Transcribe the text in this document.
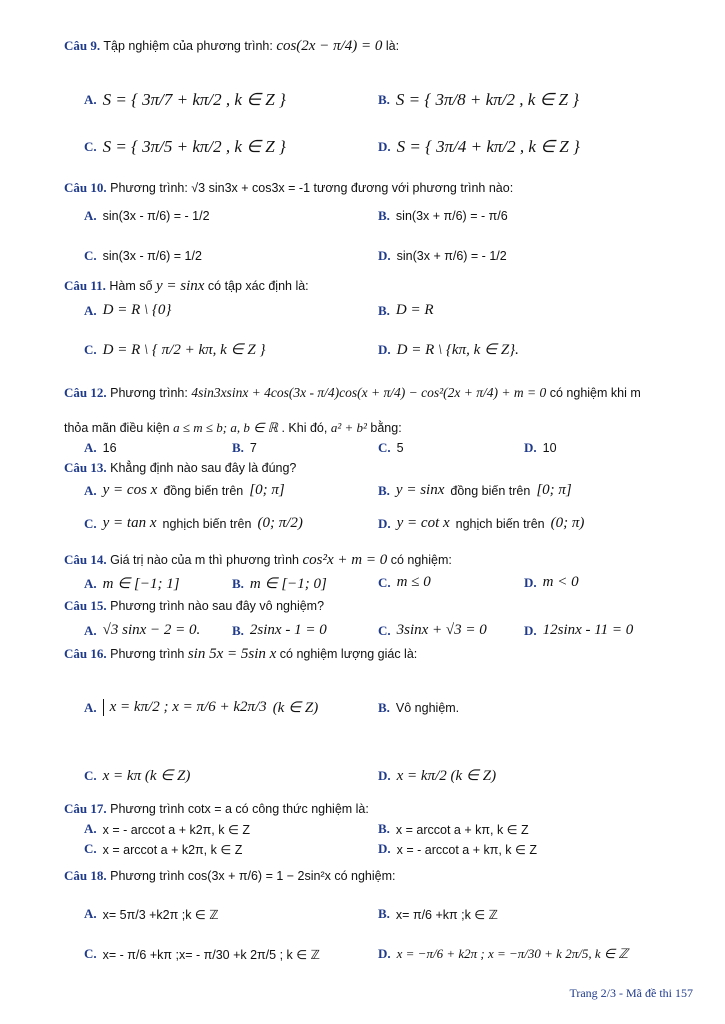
Câu 9. Tập nghiệm của phương trình: cos(2x − π/4) = 0 là:
A. S = { 3π/7 + kπ/2 , k ∈ Z }	B. S = { 3π/8 + kπ/2 , k ∈ Z }
C. S = { 3π/5 + kπ/2 , k ∈ Z }	D. S = { 3π/4 + kπ/2 , k ∈ Z }
Câu 10. Phương trình: √3 sin3x + cos3x = -1 tương đương với phương trình nào:
A. sin(3x - π/6) = - 1/2	B. sin(3x + π/6) = - π/6
C. sin(3x - π/6) = 1/2	D. sin(3x + π/6) = - 1/2
Câu 11. Hàm số y = sinx có tập xác định là:
A. D = R \ {0}	B. D = R
C. D = R \ { π/2 + kπ, k ∈ Z }	D. D = R \ {kπ, k ∈ Z}.
Câu 12. Phương trình: 4sin3xsinx + 4cos(3x - π/4)cos(x + π/4) − cos²(2x + π/4) + m = 0 có nghiệm khi m
thỏa mãn điều kiện a ≤ m ≤ b; a, b ∈ ℝ . Khi đó, a² + b² bằng:
A. 16	B. 7	C. 5	D. 10
Câu 13. Khẳng định nào sau đây là đúng?
A. y = cos x đồng biến trên [0; π]	B. y = sinx đồng biến trên [0; π]
C. y = tan x nghịch biến trên (0; π/2)	D. y = cot x nghịch biến trên (0; π)
Câu 14. Giá trị nào của m thì phương trình cos²x + m = 0 có nghiệm:
A. m ∈ [−1; 1]	B. m ∈ [−1; 0]	C. m ≤ 0	D. m < 0
Câu 15. Phương trình nào sau đây vô nghiệm?
A. √3 sinx − 2 = 0. B. 2sinx - 1 = 0	C. 3sinx + √3 = 0	D. 12sinx - 11 = 0
Câu 16. Phương trình sin 5x = 5sin x có nghiệm lượng giác là:
A. x = kπ/2 ; x = π/6 + k2π/3 (k ∈ Z)	B. Vô nghiệm.
C. x = kπ (k ∈ Z)	D. x = kπ/2 (k ∈ Z)
Câu 17. Phương trình cotx = a có công thức nghiệm là:
A. x = - arccot a + k2π, k ∈ Z	B. x = arccot a + kπ, k ∈ Z
C. x = arccot a + k2π, k ∈ Z	D. x = - arccot a + kπ, k ∈ Z
Câu 18. Phương trình cos(3x + π/6) = 1 − 2sin²x có nghiệm:
A. x= 5π/3 +k2π ;k ∈ ℤ	B. x= π/6 +kπ ;k ∈ ℤ
C. x= - π/6 +kπ ;x= - π/30 +k 2π/5 ; k ∈ ℤ	D. x = −π/6 + k2π ; x = −π/30 + k 2π/5, k ∈ ℤ
Trang 2/3 - Mã đề thi 157
